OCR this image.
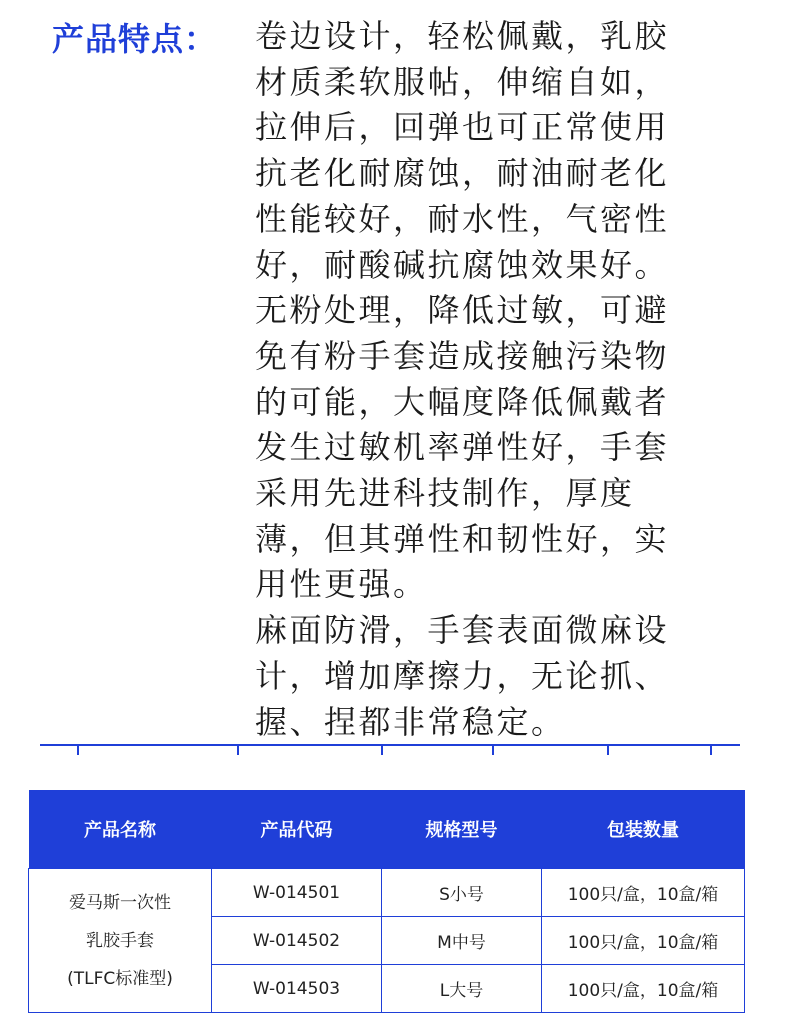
产品特点： 卷边设计，轻松佩戴，乳胶
材质柔软服帖，伸缩自如，
拉伸后，回弹也可正常使用
抗老化耐腐蚀，耐油耐老化
性能较好，耐水性，气密性
好，耐酸碱抗腐蚀效果好。
无粉处理，降低过敏，可避
免有粉手套造成接触污染物
的可能，大幅度降低佩戴者
发生过敏机率弹性好，手套
采用先进科技制作，厚度
薄，但其弹性和韧性好，实
用性更强。
麻面防滑，手套表面微麻设
计，增加摩擦力，无论抓、
握、捏都非常稳定。
产品名称	产品代码	规格型号	包装数量

爱马斯一次性
乳胶手套
(TLFC标准型)	W-014501	S小号	100只/盒，10盒/箱
	W-014502	M中号	100只/盒，10盒/箱
	W-014503	L大号	100只/盒，10盒/箱
